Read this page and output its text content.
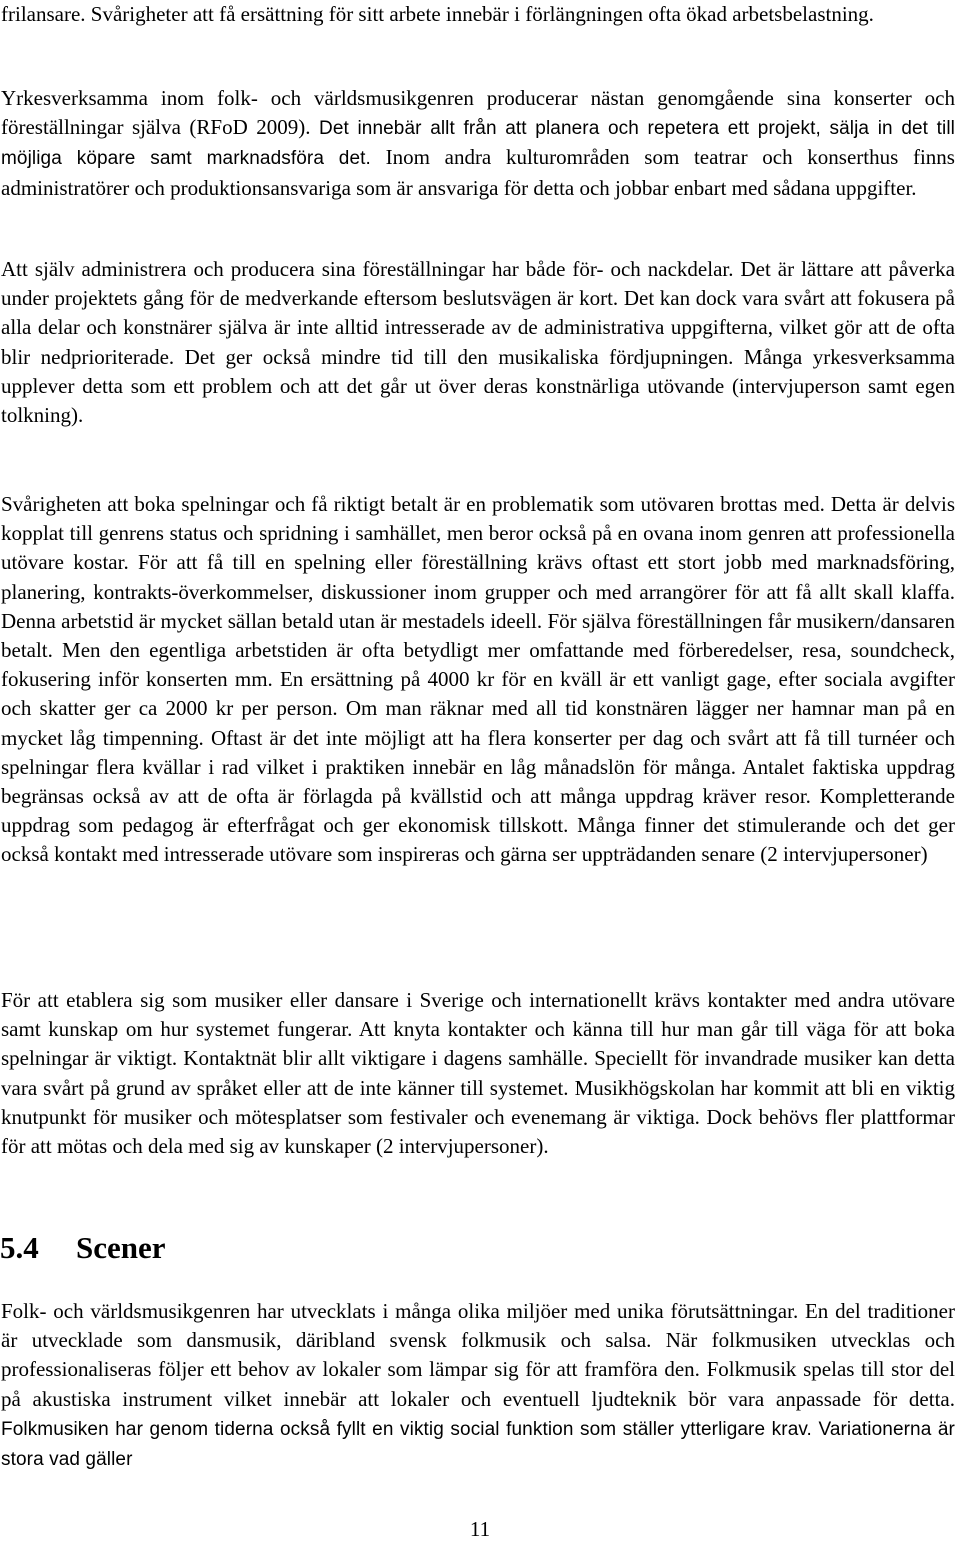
frilansare. Svårigheter att få ersättning för sitt arbete innebär i förlängningen ofta ökad arbetsbelastning.

Yrkesverksamma inom folk- och världsmusikgenren producerar nästan genomgående sina konserter och föreställningar själva (RFoD 2009). Det innebär allt från att planera och repetera ett projekt, sälja in det till möjliga köpare samt marknadsföra det. Inom andra kulturområden som teatrar och konserthus finns administratörer och produktionsansvariga som är ansvariga för detta och jobbar enbart med sådana uppgifter.

Att själv administrera och producera sina föreställningar har både för- och nackdelar. Det är lättare att påverka under projektets gång för de medverkande eftersom beslutsvägen är kort. Det kan dock vara svårt att fokusera på alla delar och konstnärer själva är inte alltid intresserade av de administrativa uppgifterna, vilket gör att de ofta blir nedprioriterade. Det ger också mindre tid till den musikaliska fördjupningen. Många yrkesverksamma upplever detta som ett problem och att det går ut över deras konstnärliga utövande (intervjuperson samt egen tolkning).

Svårigheten att boka spelningar och få riktigt betalt är en problematik som utövaren brottas med. Detta är delvis kopplat till genrens status och spridning i samhället, men beror också på en ovana inom genren att professionella utövare kostar. För att få till en spelning eller föreställning krävs oftast ett stort jobb med marknadsföring, planering, kontrakts-överkommelser, diskussioner inom grupper och med arrangörer för att få allt skall klaffa. Denna arbetstid är mycket sällan betald utan är mestadels ideell. För själva föreställningen får musikern/dansaren betalt. Men den egentliga arbetstiden är ofta betydligt mer omfattande med förberedelser, resa, soundcheck, fokusering inför konserten mm. En ersättning på 4000 kr för en kväll är ett vanligt gage, efter sociala avgifter och skatter ger ca 2000 kr per person. Om man räknar med all tid konstnären lägger ner hamnar man på en mycket låg timpenning. Oftast är det inte möjligt att ha flera konserter per dag och svårt att få till turnéer och spelningar flera kvällar i rad vilket i praktiken innebär en låg månadslön för många. Antalet faktiska uppdrag begränsas också av att de ofta är förlagda på kvällstid och att många uppdrag kräver resor. Kompletterande uppdrag som pedagog är efterfrågat och ger ekonomisk tillskott. Många finner det stimulerande och det ger också kontakt med intresserade utövare som inspireras och gärna ser uppträdanden senare (2 intervjupersoner)

För att etablera sig som musiker eller dansare i Sverige och internationellt krävs kontakter med andra utövare samt kunskap om hur systemet fungerar. Att knyta kontakter och känna till hur man går till väga för att boka spelningar är viktigt. Kontaktnät blir allt viktigare i dagens samhälle. Speciellt för invandrade musiker kan detta vara svårt på grund av språket eller att de inte känner till systemet. Musikhögskolan har kommit att bli en viktig knutpunkt för musiker och mötesplatser som festivaler och evenemang är viktiga. Dock behövs fler plattformar för att mötas och dela med sig av kunskaper (2 intervjupersoner).

5.4 Scener

Folk- och världsmusikgenren har utvecklats i många olika miljöer med unika förutsättningar. En del traditioner är utvecklade som dansmusik, däribland svensk folkmusik och salsa. När folkmusiken utvecklas och professionaliseras följer ett behov av lokaler som lämpar sig för att framföra den. Folkmusik spelas till stor del på akustiska instrument vilket innebär att lokaler och eventuell ljudteknik bör vara anpassade för detta. Folkmusiken har genom tiderna också fyllt en viktig social funktion som ställer ytterligare krav. Variationerna är stora vad gäller

11
